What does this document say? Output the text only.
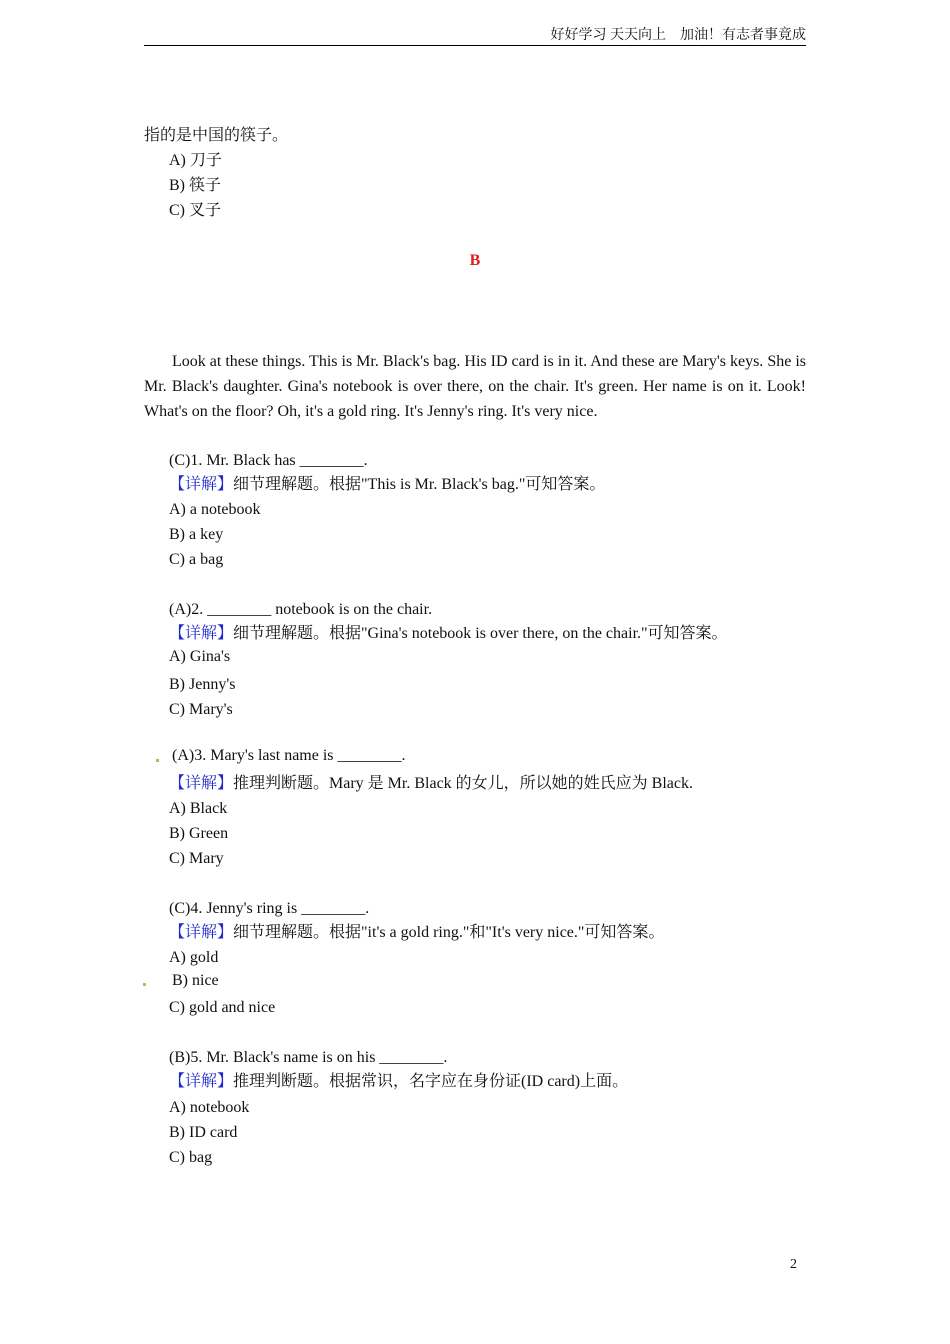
好好学习 天天向上　加油！有志者事竟成
指的是中国的筷子。
A) 刀子
B) 筷子
C) 叉子
B
Look at these things. This is Mr. Black's bag. His ID card is in it. And these are Mary's keys. She is Mr. Black's daughter. Gina's notebook is over there, on the chair. It's green. Her name is on it. Look! What's on the floor? Oh, it's a gold ring. It's Jenny's ring. It's very nice.
(C)1. Mr. Black has ________.
【详解】细节理解题。根据"This is Mr. Black's bag."可知答案。
A) a notebook
B) a key
C) a bag
(A)2. ________ notebook is on the chair.
【详解】细节理解题。根据"Gina's notebook is over there, on the chair."可知答案。
A) Gina's
B) Jenny's
C) Mary's
(A)3. Mary's last name is ________.
【详解】推理判断题。Mary 是 Mr. Black 的女儿，所以她的姓氏应为 Black.
A) Black
B) Green
C) Mary
(C)4. Jenny's ring is ________.
【详解】细节理解题。根据"it's a gold ring."和"It's very nice."可知答案。
A) gold
B) nice
C) gold and nice
(B)5. Mr. Black's name is on his ________.
【详解】推理判断题。根据常识，名字应在身份证(ID card)上面。
A) notebook
B) ID card
C) bag
2
